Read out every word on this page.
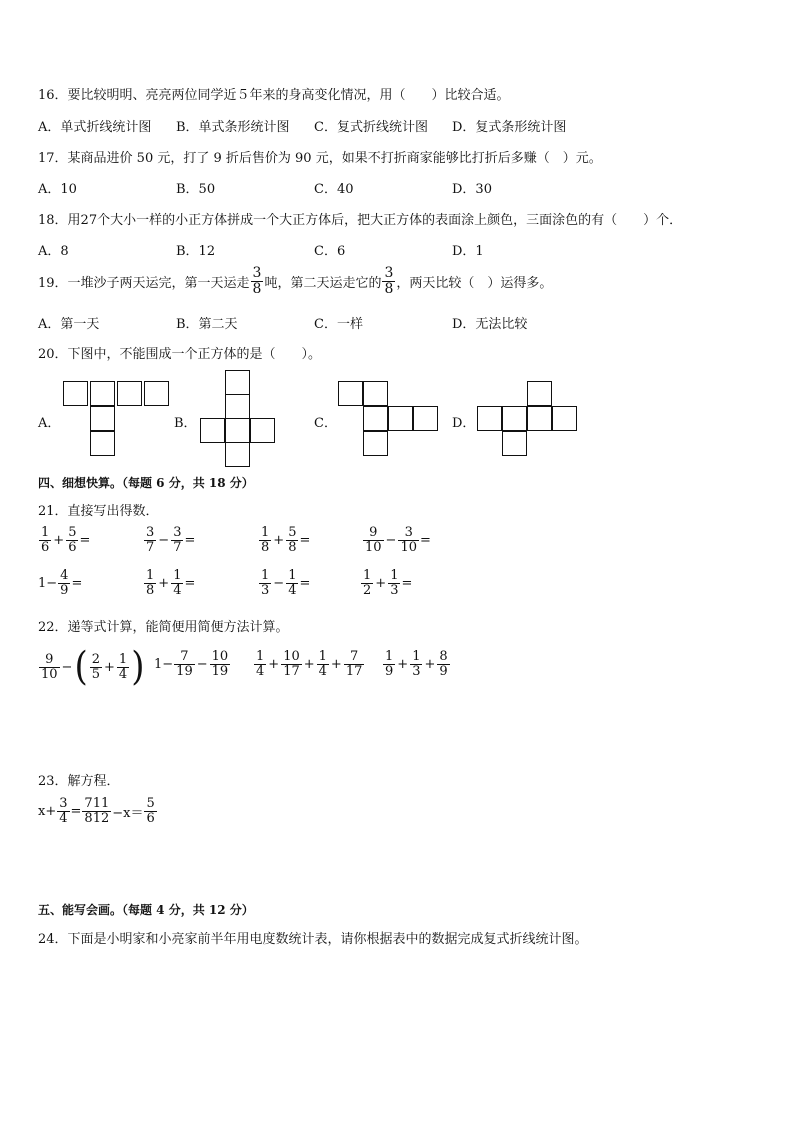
16．要比较明明、亮亮两位同学近５年来的身高变化情况，用（　　）比较合适。
A．单式折线统计图	B．单式条形统计图	C．复式折线统计图	D．复式条形统计图
17．某商品进价 50 元，打了 9 折后售价为 90 元，如果不打折商家能够比打折后多赚（　）元。
A．10	B．50	C．40	D．30
18．用27个大小一样的小正方体拼成一个大正方体后，把大正方体的表面涂上颜色，三面涂色的有（　　）个．
A．8	B．12	C．6	D．1
19．一堆沙子两天运完，第一天运走 $\frac{3}{8}$ 吨，第二天运走它的 $\frac{3}{8}$ ，两天比较（　）运得多。
A．第一天	B．第二天	C．一样	D．无法比较
20．下图中，不能围成一个正方体的是（　　）。
A．	B．	C．	D．
四、细想快算。（每题 6 分，共 18 分）
21．直接写出得数．
$\frac{1}{6} + \frac{5}{6}$ =	$\frac{3}{7} - \frac{3}{7}$ =	$\frac{1}{8} + \frac{5}{8}$ =	$\frac{9}{10} - \frac{3}{10}$ =
$1- \frac{4}{9}$ =	$\frac{1}{8} + \frac{1}{4}$ =	$\frac{1}{3} - \frac{1}{4}$ =	$\frac{1}{2} + \frac{1}{3}$ =
22．递等式计算，能简便用简便方法计算。
$\frac{9}{10}$ − ( $\frac{2}{5} + \frac{1}{4}$ ) $1- \frac{7}{19} - \frac{10}{19} \frac{1}{4} + \frac{10}{17} + \frac{1}{4} + \frac{7}{17} \frac{1}{9} + \frac{1}{3} + \frac{8}{9}$
23．解方程．
$x+ \frac{3}{4} = \frac{711}{812} -x= \frac{5}{6}$
五、能写会画。（每题 4 分，共 12 分）
24．下面是小明家和小亮家前半年用电度数统计表，请你根据表中的数据完成复式折线统计图。
